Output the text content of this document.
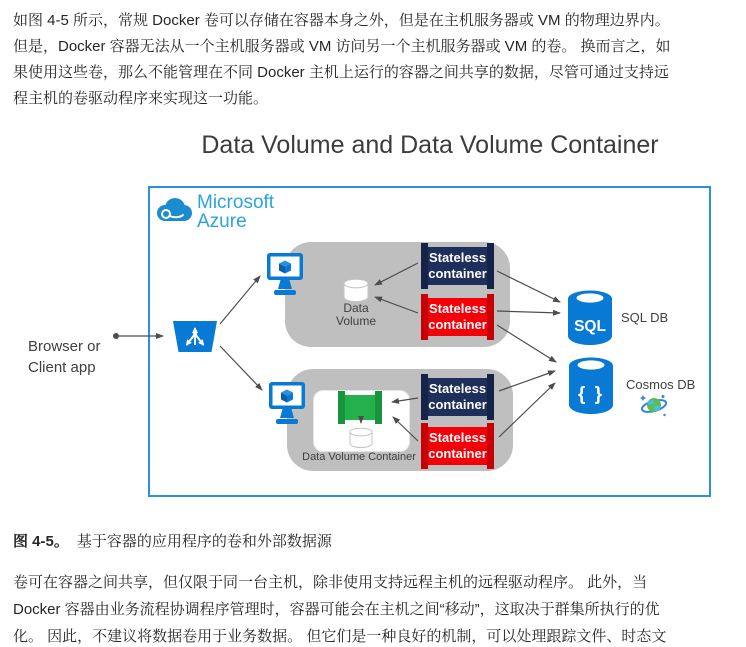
如图 4-5 所示，常规 Docker 卷可以存储在容器本身之外，但是在主机服务器或 VM 的物理边界内。
但是，Docker 容器无法从一个主机服务器或 VM 访问另一个主机服务器或 VM 的卷。 换而言之，如
果使用这些卷，那么不能管理在不同 Docker 主机上运行的容器之间共享的数据，尽管可通过支持远
程主机的卷驱动程序来实现这一功能。
Data Volume and Data Volume Container
Microsoft
Azure
Browser or
Client app
Data
Volume
Data Volume Container
Stateless
container
Stateless
container
Stateless
container
Stateless
container
SQL
SQL DB
{ } Cosmos DB
图 4-5。 基于容器的应用程序的卷和外部数据源
卷可在容器之间共享，但仅限于同一台主机，除非使用支持远程主机的远程驱动程序。 此外，当
Docker 容器由业务流程协调程序管理时，容器可能会在主机之间“移动”，这取决于群集所执行的优
化。 因此，不建议将数据卷用于业务数据。 但它们是一种良好的机制，可以处理跟踪文件、时态文
